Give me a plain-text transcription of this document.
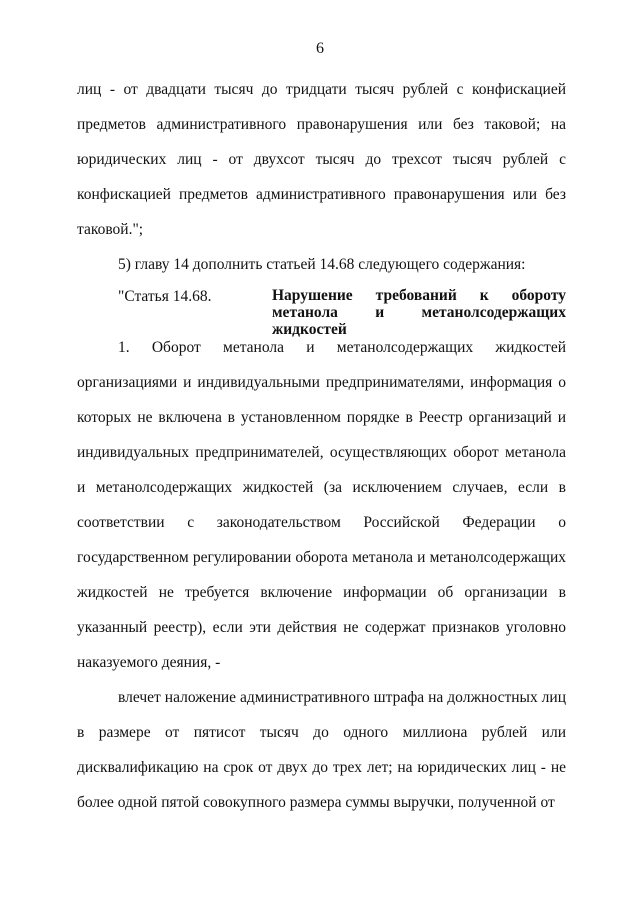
6

лиц - от двадцати тысяч до тридцати тысяч рублей с конфискацией предметов административного правонарушения или без таковой; на юридических лиц - от двухсот тысяч до трехсот тысяч рублей с конфискацией предметов административного правонарушения или без таковой.";

5) главу 14 дополнить статьей 14.68 следующего содержания:

"Статья 14.68.	Нарушение требований к обороту метанола и метанолсодержащих жидкостей

1. Оборот метанола и метанолсодержащих жидкостей организациями и индивидуальными предпринимателями, информация о которых не включена в установленном порядке в Реестр организаций и индивидуальных предпринимателей, осуществляющих оборот метанола и метанолсодержащих жидкостей (за исключением случаев, если в соответствии с законодательством Российской Федерации о государственном регулировании оборота метанола и метанолсодержащих жидкостей не требуется включение информации об организации в указанный реестр), если эти действия не содержат признаков уголовно наказуемого деяния, -

влечет наложение административного штрафа на должностных лиц в размере от пятисот тысяч до одного миллиона рублей или дисквалификацию на срок от двух до трех лет; на юридических лиц - не более одной пятой совокупного размера суммы выручки, полученной от
